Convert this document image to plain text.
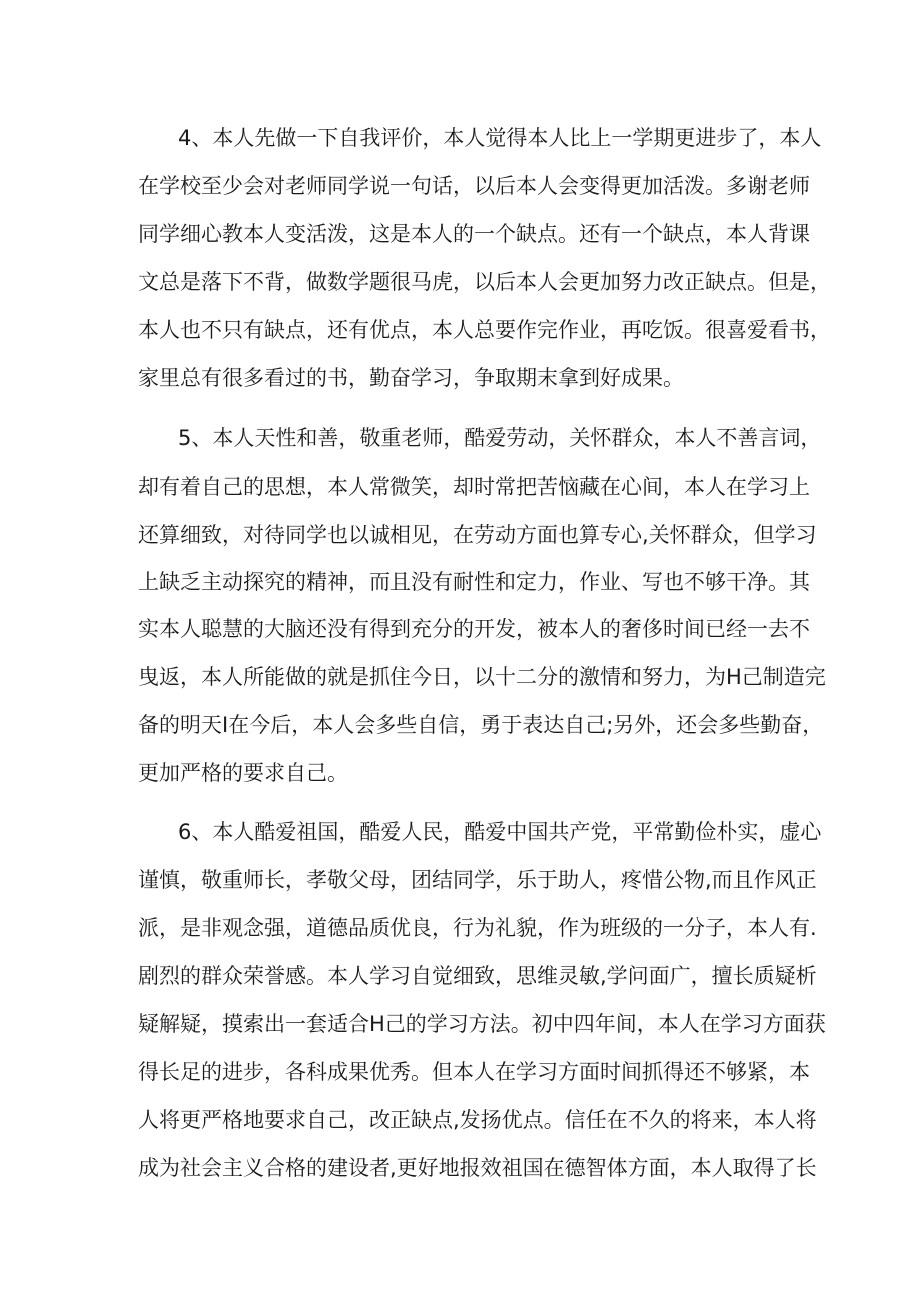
4、本人先做一下自我评价，本人觉得本人比上一学期更进步了，本人
在学校至少会对老师同学说一句话，以后本人会变得更加活泼。多谢老师
同学细心教本人变活泼，这是本人的一个缺点。还有一个缺点，本人背课
文总是落下不背，做数学题很马虎，以后本人会更加努力改正缺点。但是，
本人也不只有缺点，还有优点，本人总要作完作业，再吃饭。很喜爱看书，
家里总有很多看过的书，勤奋学习，争取期末拿到好成果。
5、本人天性和善，敬重老师，酷爱劳动，关怀群众，本人不善言词，
却有着自己的思想，本人常微笑，却时常把苦恼藏在心间，本人在学习上
还算细致，对待同学也以诚相见，在劳动方面也算专心,关怀群众，但学习
上缺乏主动探究的精神，而且没有耐性和定力，作业、写也不够干净。其
实本人聪慧的大脑还没有得到充分的开发，被本人的奢侈时间已经一去不
曳返，本人所能做的就是抓住今日，以十二分的激情和努力，为H己制造完
备的明天I在今后，本人会多些自信，勇于表达自己;另外，还会多些勤奋，
更加严格的要求自己。
6、本人酷爱祖国，酷爱人民，酷爱中国共产党，平常勤俭朴实，虚心
谨慎，敬重师长，孝敬父母，团结同学，乐于助人，疼惜公物,而且作风正
派，是非观念强，道德品质优良，行为礼貌，作为班级的一分子，本人有.
剧烈的群众荣誉感。本人学习自觉细致，思维灵敏,学问面广，擅长质疑析
疑解疑，摸索出一套适合H己的学习方法。初中四年间，本人在学习方面获
得长足的进步，各科成果优秀。但本人在学习方面时间抓得还不够紧，本
人将更严格地要求自己，改正缺点,发扬优点。信任在不久的将来，本人将
成为社会主义合格的建设者,更好地报效祖国在德智体方面，本人取得了长
